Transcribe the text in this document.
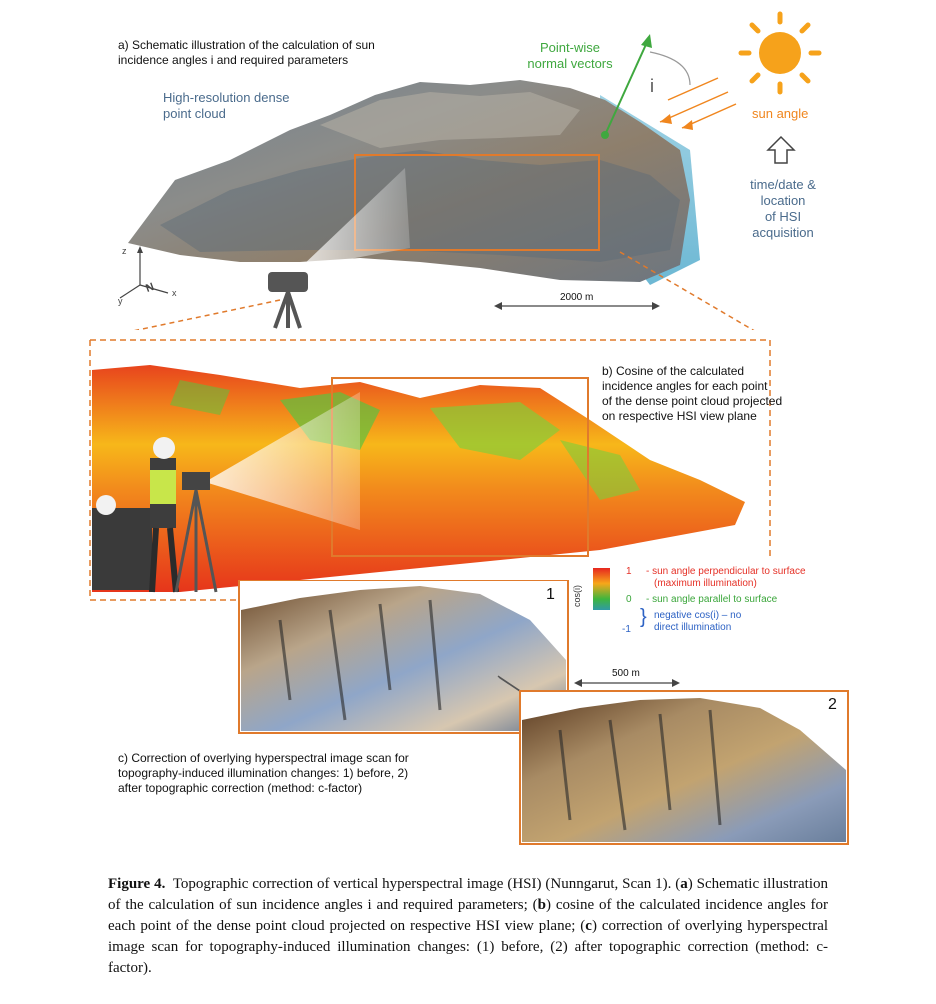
a) Schematic illustration of the calculation of sun
incidence angles i and required parameters
High-resolution dense
point cloud
Point-wise
normal vectors
i
sun angle
time/date &
location
of HSI
acquisition
z
y
x
N
2000 m
b) Cosine of the calculated
incidence angles for each point
of the dense point cloud projected
on respective HSI view plane
cos(i)
1 - sun angle perpendicular to surface
(maximum illumination)
0 - sun angle parallel to surface
}
-1
negative cos(i) – no
direct illumination
1
2
500 m
c) Correction of overlying hyperspectral image scan for
topography-induced illumination changes: 1) before, 2)
after topographic correction (method: c-factor)
Figure 4. Topographic correction of vertical hyperspectral image (HSI) (Nunngarut, Scan 1). (a) Schematic illustration of the calculation of sun incidence angles i and required parameters; (b) cosine of the calculated incidence angles for each point of the dense point cloud projected on respective HSI view plane; (c) correction of overlying hyperspectral image scan for topography-induced illumination changes: (1) before, (2) after topographic correction (method: c-factor).
